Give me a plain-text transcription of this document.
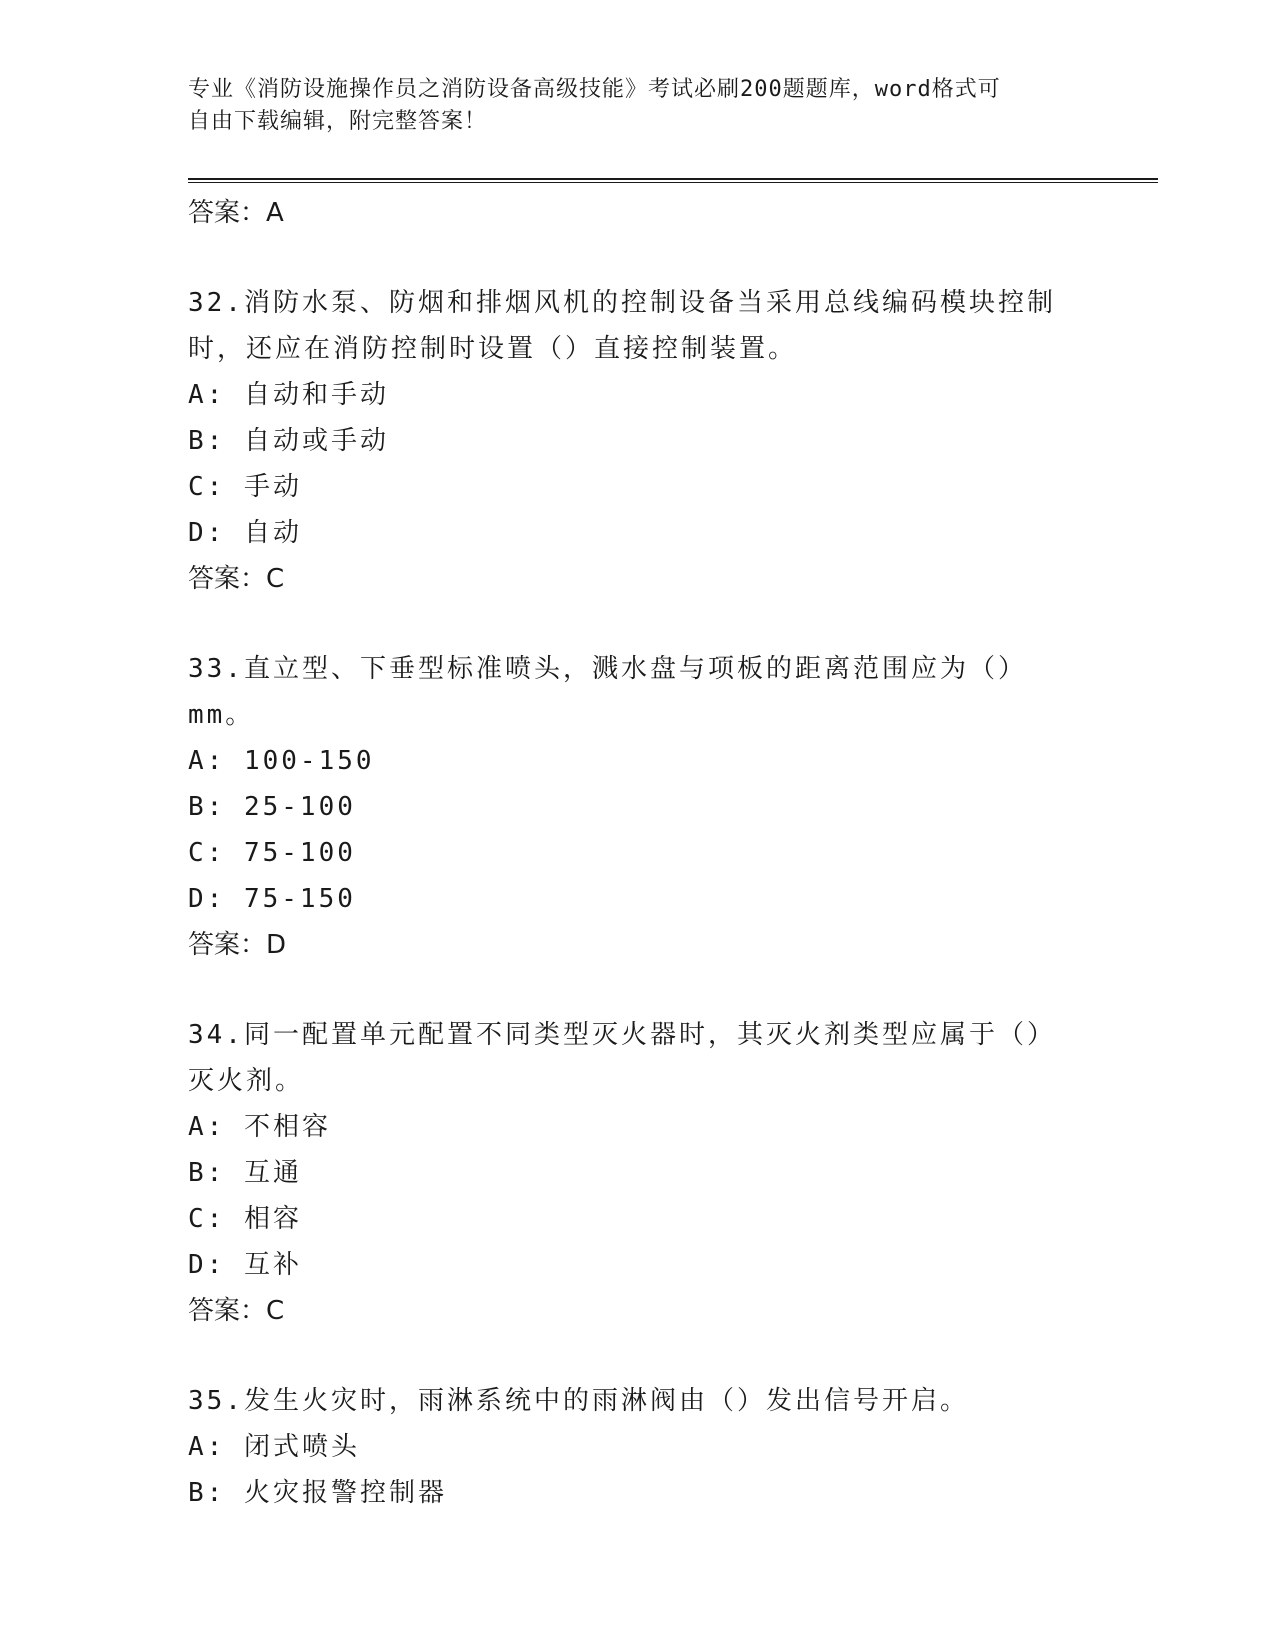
专业《消防设施操作员之消防设备高级技能》考试必刷200题题库，word格式可
自由下载编辑，附完整答案！
答案：A
32.消防水泵、防烟和排烟风机的控制设备当采用总线编码模块控制时，还应在消防控制时设置（）直接控制装置。
A: 自动和手动
B: 自动或手动
C: 手动
D: 自动
答案：C
33.直立型、下垂型标准喷头，溅水盘与项板的距离范围应为（）mm。
A: 100-150
B: 25-100
C: 75-100
D: 75-150
答案：D
34.同一配置单元配置不同类型灭火器时，其灭火剂类型应属于（）灭火剂。
A: 不相容
B: 互通
C: 相容
D: 互补
答案：C
35.发生火灾时，雨淋系统中的雨淋阀由（）发出信号开启。
A: 闭式喷头
B: 火灾报警控制器
